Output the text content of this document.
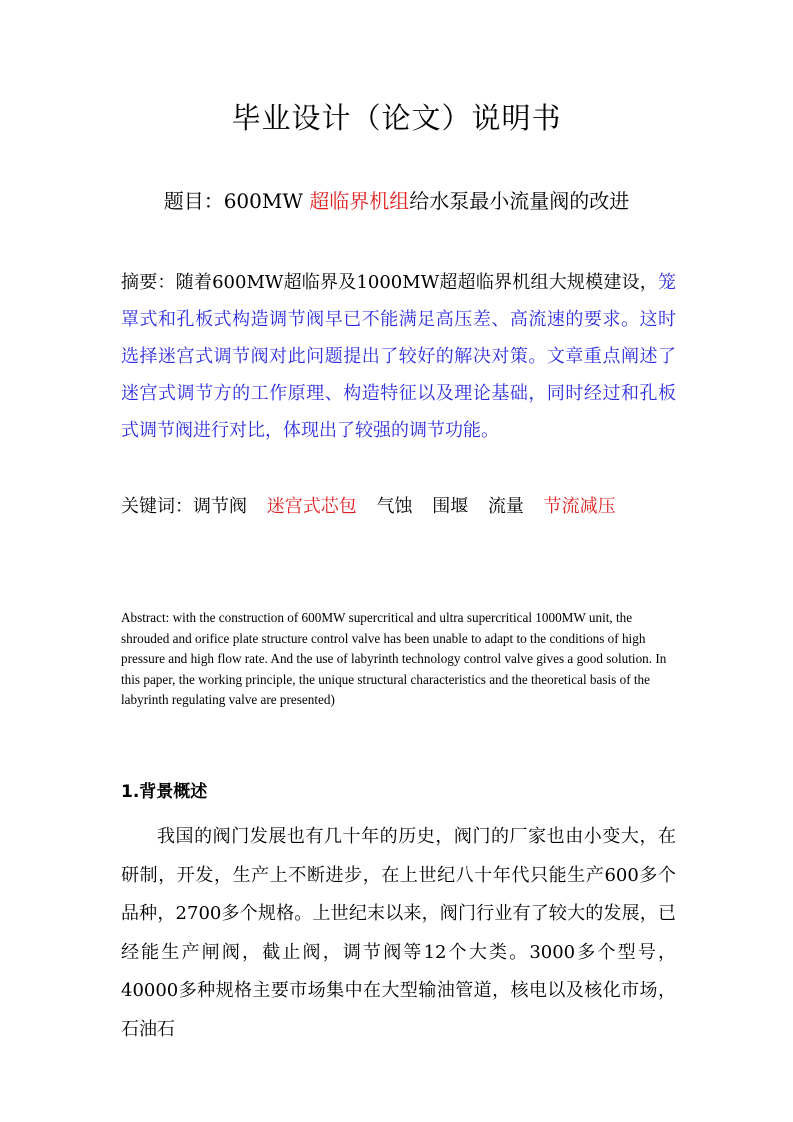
毕业设计（论文）说明书
题目：600MW 超临界机组给水泵最小流量阀的改进
摘要：随着600MW超临界及1000MW超超临界机组大规模建设，笼罩式和孔板式构造调节阀早已不能满足高压差、高流速的要求。这时选择迷宫式调节阀对此问题提出了较好的解决对策。文章重点阐述了迷宫式调节方的工作原理、构造特征以及理论基础，同时经过和孔板式调节阀进行对比，体现出了较强的调节功能。
关键词：调节阀 迷宫式芯包 气蚀 围堰 流量 节流减压
Abstract: with the construction of 600MW supercritical and ultra supercritical 1000MW unit, the shrouded and orifice plate structure control valve has been unable to adapt to the conditions of high pressure and high flow rate. And the use of labyrinth technology control valve gives a good solution. In this paper, the working principle, the unique structural characteristics and the theoretical basis of the labyrinth regulating valve are presented)
1.背景概述
我国的阀门发展也有几十年的历史，阀门的厂家也由小变大，在研制，开发，生产上不断进步，在上世纪八十年代只能生产600多个品种，2700多个规格。上世纪末以来，阀门行业有了较大的发展，已经能生产闸阀，截止阀，调节阀等12个大类。3000多个型号，40000多种规格主要市场集中在大型输油管道，核电以及核化市场，石油石
